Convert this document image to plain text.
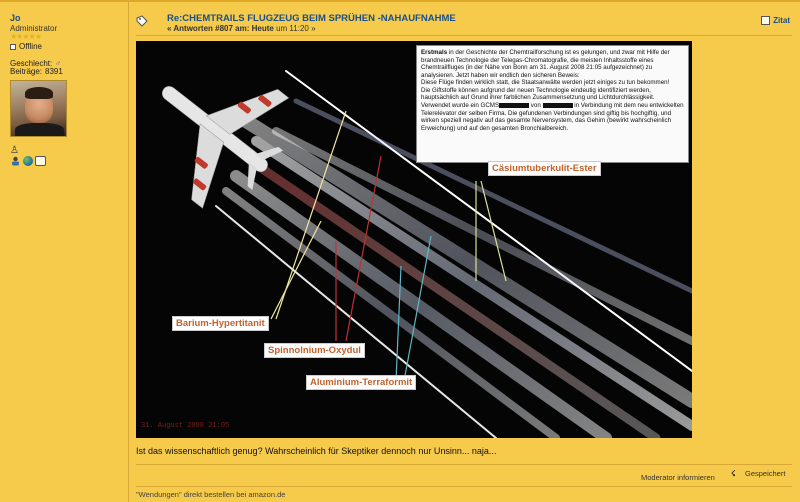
Jo
Administrator
★★★★★
Offline
Geschlecht: ♂
Beiträge: 8391
♙
Re:CHEMTRAILS FLUGZEUG BEIM SPRÜHEN -NAHAUFNAHME
« Antworten #807 am: Heute um 11:20 »
Zitat
Erstmals in der Geschichte der Chemtrailforschung ist es gelungen, und zwar mit Hilfe der brandneuen Technologie der Telegas-Chromatografie, die meisten Inhaltsstoffe eines Chemtrailfluges (in der Nähe von Bonn am 31. August 2008 21:05 aufgezeichnet) zu analysieren. Jetzt haben wir endlich den sicheren Beweis:
Diese Flüge finden wirklich statt, die Staatsanwälte werden jetzt einiges zu tun bekommen!
Die Giftstoffe können aufgrund der neuen Technologie eindeutig identifiziert werden, hauptsächlich auf Grund ihrer farblichen Zusammensetzung und Lichtdurchlässigkeit. Verwendet wurde ein GCMS	von	in Verbindung mit dem neu entwickelten Telerelevator der selben Firma. Die gefundenen Verbindungen sind giftig bis hochgiftig, und wirken speziell negativ auf das gesamte Nervensystem, das Gehirn (bewirkt wahrscheinlich Erweichung) und auf den gesamten Bronchialbereich.
Cäsiumtuberkulit-Ester
Barium-Hypertitanit
Spinnolnium-Oxydul
Aluminium-Terraformit
31. August 2008 21:05
Ist das wissenschaftlich genug? Wahrscheinlich für Skeptiker dennoch nur Unsinn... naja...
Moderator informieren ☇	Gespeichert
"Wendungen" direkt bestellen bei amazon.de
